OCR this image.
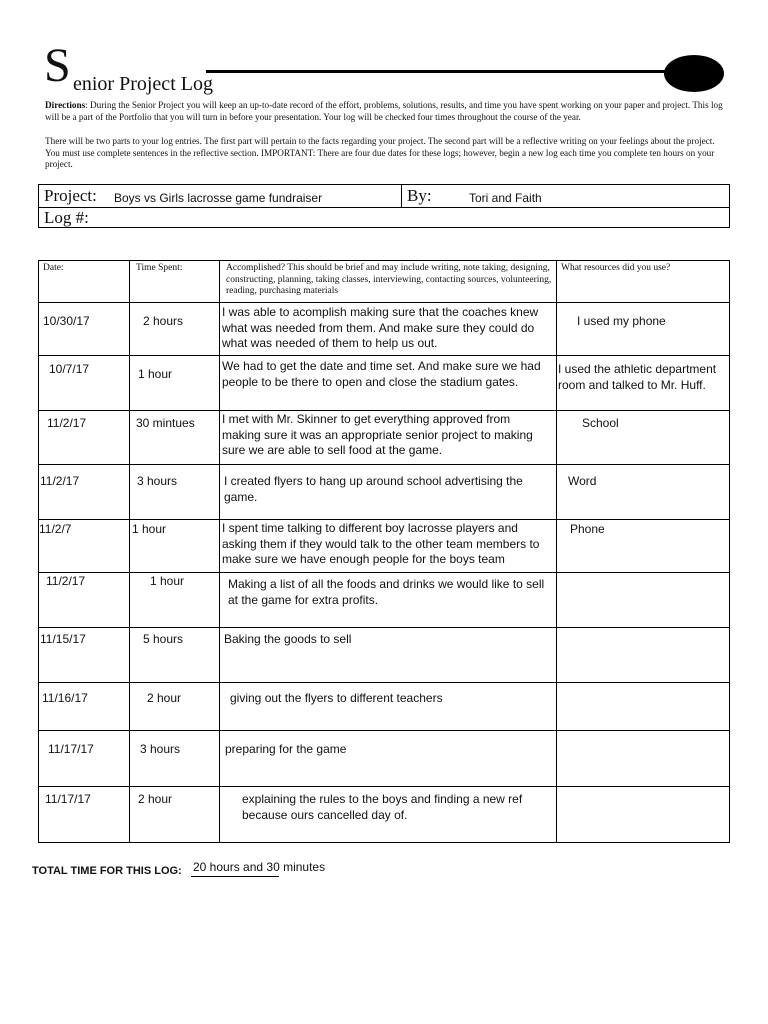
S enior Project Log

Directions: During the Senior Project you will keep an up-to-date record of the effort, problems, solutions, results, and time you have spent working on your paper and project. This log will be a part of the Portfolio that you will turn in before your presentation. Your log will be checked four times throughout the course of the year.

There will be two parts to your log entries. The first part will pertain to the facts regarding your project. The second part will be a reflective writing on your feelings about the project. You must use complete sentences in the reflective section. IMPORTANT: There are four due dates for these logs; however, begin a new log each time you complete ten hours on your project.

Project: Boys vs Girls lacrosse game fundraiser	By:	Tori and Faith
Log #:
Date:	Time Spent:	Accomplished? This should be brief and may include writing, note taking, designing, constructing, planning, taking classes, interviewing, contacting sources, volunteering, reading, purchasing materials	What resources did you use?

10/30/17	2 hours	I was able to acomplish making sure that the coaches knew what was needed from them. And make sure they could do what was needed of them to help us out.	I used my phone

10/7/17	1 hour	We had to get the date and time set. And make sure we had people to be there to open and close the stadium gates.	I used the athletic department room and talked to Mr. Huff.

11/2/17	30 mintues	I met with Mr. Skinner to get everything approved from making sure it was an appropriate senior project to making sure we are able to sell food at the game.	School

11/2/17	3 hours	I created flyers to hang up around school advertising the game.	Word

11/2/7	1 hour	I spent time talking to different boy lacrosse players and asking them if they would talk to the other team members to make sure we have enough people for the boys team	Phone

11/2/17	1 hour	Making a list of all the foods and drinks we would like to sell at the game for extra profits.	

11/15/17	5 hours	Baking the goods to sell	

11/16/17	2 hour	giving out the flyers to different teachers	

11/17/17	3 hours	preparing for the game	

11/17/17	2 hour	explaining the rules to the boys and finding a new ref because ours cancelled day of.	

TOTAL TIME FOR THIS LOG: 20 hours and 30 minutes
